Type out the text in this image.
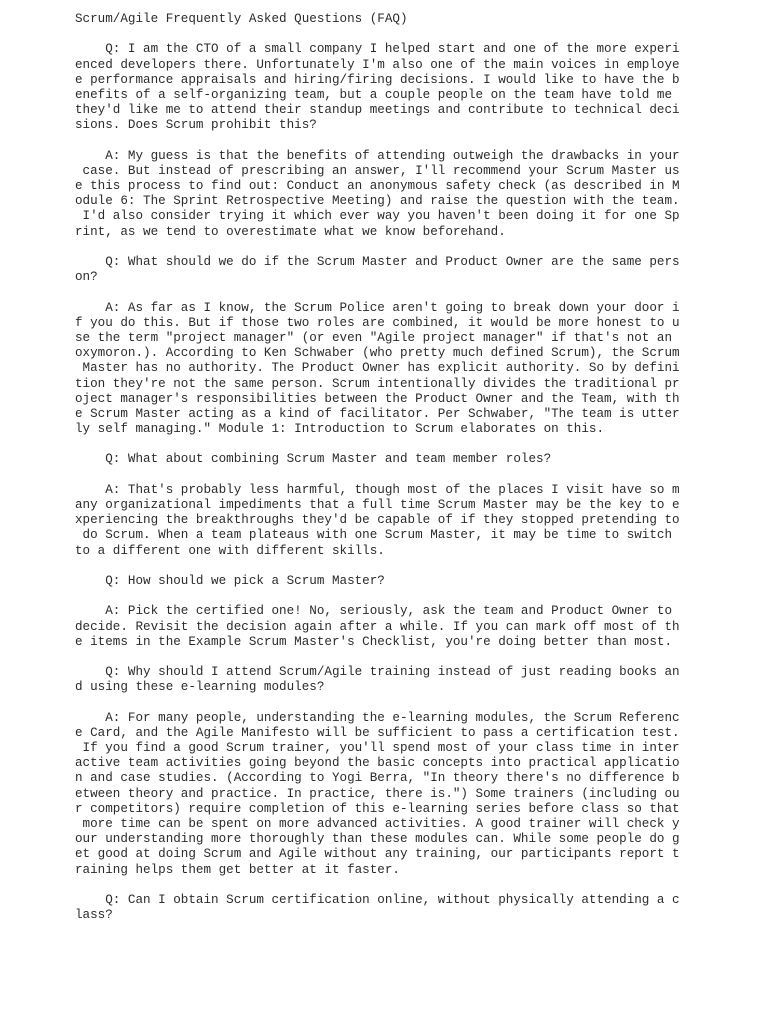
Scrum/Agile Frequently Asked Questions (FAQ)
Q: I am the CTO of a small company I helped start and one of the more experi
enced developers there. Unfortunately I'm also one of the main voices in employe
e performance appraisals and hiring/firing decisions. I would like to have the b
enefits of a self-organizing team, but a couple people on the team have told me
they'd like me to attend their standup meetings and contribute to technical deci
sions. Does Scrum prohibit this?
A: My guess is that the benefits of attending outweigh the drawbacks in your
case. But instead of prescribing an answer, I'll recommend your Scrum Master us
e this process to find out: Conduct an anonymous safety check (as described in M
odule 6: The Sprint Retrospective Meeting) and raise the question with the team.
I'd also consider trying it which ever way you haven't been doing it for one Sp
rint, as we tend to overestimate what we know beforehand.
Q: What should we do if the Scrum Master and Product Owner are the same pers
on?
A: As far as I know, the Scrum Police aren't going to break down your door i
f you do this. But if those two roles are combined, it would be more honest to u
se the term "project manager" (or even "Agile project manager" if that's not an
oxymoron.). According to Ken Schwaber (who pretty much defined Scrum), the Scrum
Master has no authority. The Product Owner has explicit authority. So by defini
tion they're not the same person. Scrum intentionally divides the traditional pr
oject manager's responsibilities between the Product Owner and the Team, with th
e Scrum Master acting as a kind of facilitator. Per Schwaber, "The team is utter
ly self managing." Module 1: Introduction to Scrum elaborates on this.
Q: What about combining Scrum Master and team member roles?
A: That's probably less harmful, though most of the places I visit have so m
any organizational impediments that a full time Scrum Master may be the key to e
xperiencing the breakthroughs they'd be capable of if they stopped pretending to
do Scrum. When a team plateaus with one Scrum Master, it may be time to switch
to a different one with different skills.
Q: How should we pick a Scrum Master?
A: Pick the certified one! No, seriously, ask the team and Product Owner to
decide. Revisit the decision again after a while. If you can mark off most of th
e items in the Example Scrum Master's Checklist, you're doing better than most.
Q: Why should I attend Scrum/Agile training instead of just reading books an
d using these e-learning modules?
A: For many people, understanding the e-learning modules, the Scrum Referenc
e Card, and the Agile Manifesto will be sufficient to pass a certification test.
If you find a good Scrum trainer, you'll spend most of your class time in inter
active team activities going beyond the basic concepts into practical applicatio
n and case studies. (According to Yogi Berra, "In theory there's no difference b
etween theory and practice. In practice, there is.") Some trainers (including ou
r competitors) require completion of this e-learning series before class so that
more time can be spent on more advanced activities. A good trainer will check y
our understanding more thoroughly than these modules can. While some people do g
et good at doing Scrum and Agile without any training, our participants report t
raining helps them get better at it faster.
Q: Can I obtain Scrum certification online, without physically attending a c
lass?
